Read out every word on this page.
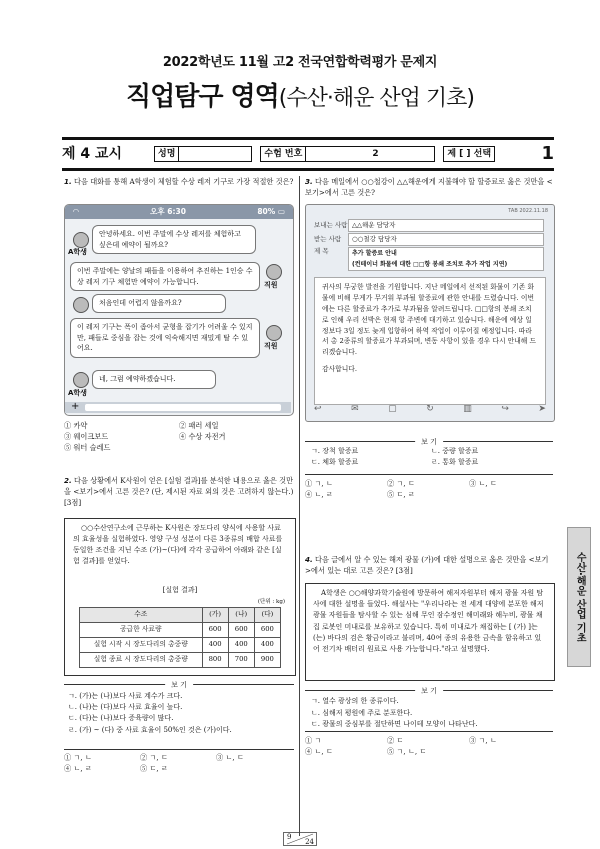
2022학년도 11월 고2 전국연합학력평가 문제지
직업탐구 영역(수산·해운 산업 기초)
제 4 교시	성명	수험 번호	2	제 [ ] 선택	1
1. 다음 대화를 통해 A학생이 체험할 수상 레저 기구로 가장 적절한 것은?
◠	오후 6:30	80% ▭
A학생
안녕하세요. 이번 주말에 수상 레저를 체험하고 싶은데 예약이 될까요?
이번 주말에는 양날의 패들을 이용하여 추진하는 1인승 수상 레저 기구 체험만 예약이 가능합니다.	직원
처음인데 어렵지 않을까요?
이 레저 기구는 폭이 좁아서 균형을 잡기가 어려울 수 있지만, 패들로 중심을 잡는 것에 익숙해지면 재밌게 탈 수 있어요.	직원
A학생
네, 그럼 예약하겠습니다.
+
① 카약	② 패러 세일
③ 웨이크보드	④ 수상 자전거
⑤ 워터 슬레드
2. 다음 상황에서 K사원이 얻은 [실험 결과]를 분석한 내용으로 옳은 것만을 <보기>에서 고른 것은? (단, 제시된 자료 외의 것은 고려하지 않는다.) [3점]
○○수산연구소에 근무하는 K사원은 장도다리 양식에 사용할 사료의 효율성을 실험하였다. 영양 구성 성분이 다른 3종류의 배합 사료를 동일한 조건을 지닌 수조 (가)~(다)에 각각 공급하여 아래와 같은 [실험 결과]를 얻었다.
[실험 결과]
(단위 : kg)
수조	(가)	(나)	(다)
공급한 사료량	600	600	600
실험 시작 시 장도다리의 총중량	400	400	400
실험 종료 시 장도다리의 총중량	800	700	900
보 기
ㄱ. (가)는 (나)보다 사료 계수가 크다.
ㄴ. (나)는 (다)보다 사료 효율이 높다.
ㄷ. (다)는 (나)보다 증육량이 많다.
ㄹ. (가) ~ (다) 중 사료 효율이 50%인 것은 (가)이다.
① ㄱ, ㄴ	② ㄱ, ㄷ	③ ㄴ, ㄷ
④ ㄴ, ㄹ	⑤ ㄷ, ㄹ
3. 다음 메일에서 ○○철강이 △△해운에게 지불해야 할 할증료로 옳은 것만을 <보기>에서 고른 것은?
TAB 2022.11.18
보내는 사람 △△해운 담당자
받는 사람	○○철강 담당자
제 목	추가 할증료 안내
(컨테이너 화물에 대한 □□항 봉쇄 조치로 추가 작업 지연)
귀사의 무궁한 발전을 기원합니다. 지난 메일에서 선적된 화물이 기존 화물에 비해 무게가 무거워 부과될 할증료에 관한 안내를 드렸습니다. 이번에는 다른 할증료가 추가로 부과됨을 알려드립니다. □□항의 봉쇄 조치로 인해 우리 선박은 현재 항 주변에 대기하고 있습니다. 해운에 예상 일정보다 3일 정도 늦게 입항하여 하역 작업이 이루어질 예정입니다. 따라서 총 2종류의 할증료가 부과되며, 변동 사항이 있을 경우 다시 안내해 드리겠습니다.
감사합니다.
↩	✉	▢	↻	▥	↪	➤
보 기
ㄱ. 장척 할증료	ㄴ. 중량 할증료
ㄷ. 체화 할증료	ㄹ. 통화 할증료
① ㄱ, ㄴ	② ㄱ, ㄷ	③ ㄴ, ㄷ
④ ㄴ, ㄹ	⑤ ㄷ, ㄹ
4. 다음 글에서 알 수 있는 해저 광물 (가)에 대한 설명으로 옳은 것만을 <보기>에서 있는 대로 고른 것은? [3점]
A학생은 ○○해양과학기술원에 방문하여 해저자원부터 해저 광물 자원 탐사에 대한 설명을 들었다. 해설사는 "우리나라는 전 세계 대양에 분포한 해저 광물 자원들을 탐사할 수 있는 심해 무인 잠수정인 해미래와 해누비, 광물 채집 로봇인 미내로를 보유하고 있습니다. 특히 미내로가 채집하는 [ (가) ]는(는) 바다의 검은 황금이라고 불리며, 40여 종의 유용한 금속을 함유하고 있어 전기차 배터리 원료로 사용 가능합니다."라고 설명했다.
보 기
ㄱ. 열수 광상의 한 종류이다.
ㄴ. 심해저 평원에 주로 분포한다.
ㄷ. 광물의 중심부를 절단하면 나이테 모양이 나타난다.
① ㄱ	② ㄷ	③ ㄱ, ㄴ
④ ㄴ, ㄷ	⑤ ㄱ, ㄴ, ㄷ
수산·해운 산업 기초
9
24
